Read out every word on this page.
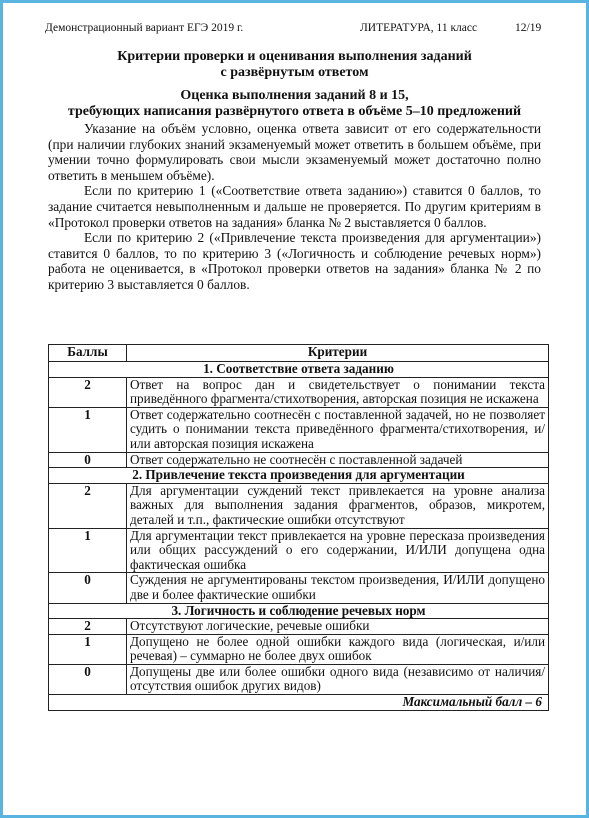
Демонстрационный вариант ЕГЭ 2019 г.	ЛИТЕРАТУРА, 11 класс	12/19
Критерии проверки и оценивания выполнения заданий
с развёрнутым ответом
Оценка выполнения заданий 8 и 15,
требующих написания развёрнутого ответа в объёме 5–10 предложений

Указание на объём условно, оценка ответа зависит от его содержательности (при наличии глубоких знаний экзаменуемый может ответить в большем объёме, при умении точно формулировать свои мысли экзаменуемый может достаточно полно ответить в меньшем объёме).

Если по критерию 1 («Соответствие ответа заданию») ставится 0 баллов, то задание считается невыполненным и дальше не проверяется. По другим критериям в «Протокол проверки ответов на задания» бланка № 2 выставляется 0 баллов.

Если по критерию 2 («Привлечение текста произведения для аргументации») ставится 0 баллов, то по критерию 3 («Логичность и соблюдение речевых норм») работа не оценивается, в «Протокол проверки ответов на задания» бланка № 2 по критерию 3 выставляется 0 баллов.

Баллы	Критерии
1. Соответствие ответа заданию	
2	Ответ на вопрос дан и свидетельствует о понимании текста приведённого фрагмента/стихотворения, авторская позиция не искажена
1	Ответ содержательно соотнесён с поставленной задачей, но не позволяет судить о понимании текста приведённого фрагмента/стихотворения, и/или авторская позиция искажена
0	Ответ содержательно не соотнесён с поставленной задачей
2. Привлечение текста произведения для аргументации	
2	Для аргументации суждений текст привлекается на уровне анализа важных для выполнения задания фрагментов, образов, микротем, деталей и т.п., фактические ошибки отсутствуют
1	Для аргументации текст привлекается на уровне пересказа произведения или общих рассуждений о его содержании, И/ИЛИ допущена одна фактическая ошибка
0	Суждения не аргументированы текстом произведения, И/ИЛИ допущено две и более фактические ошибки
3. Логичность и соблюдение речевых норм	
2	Отсутствуют логические, речевые ошибки
1	Допущено не более одной ошибки каждого вида (логическая, и/или речевая) – суммарно не более двух ошибок
0	Допущены две или более ошибки одного вида (независимо от наличия/отсутствия ошибок других видов)
Максимальный балл – 6	
